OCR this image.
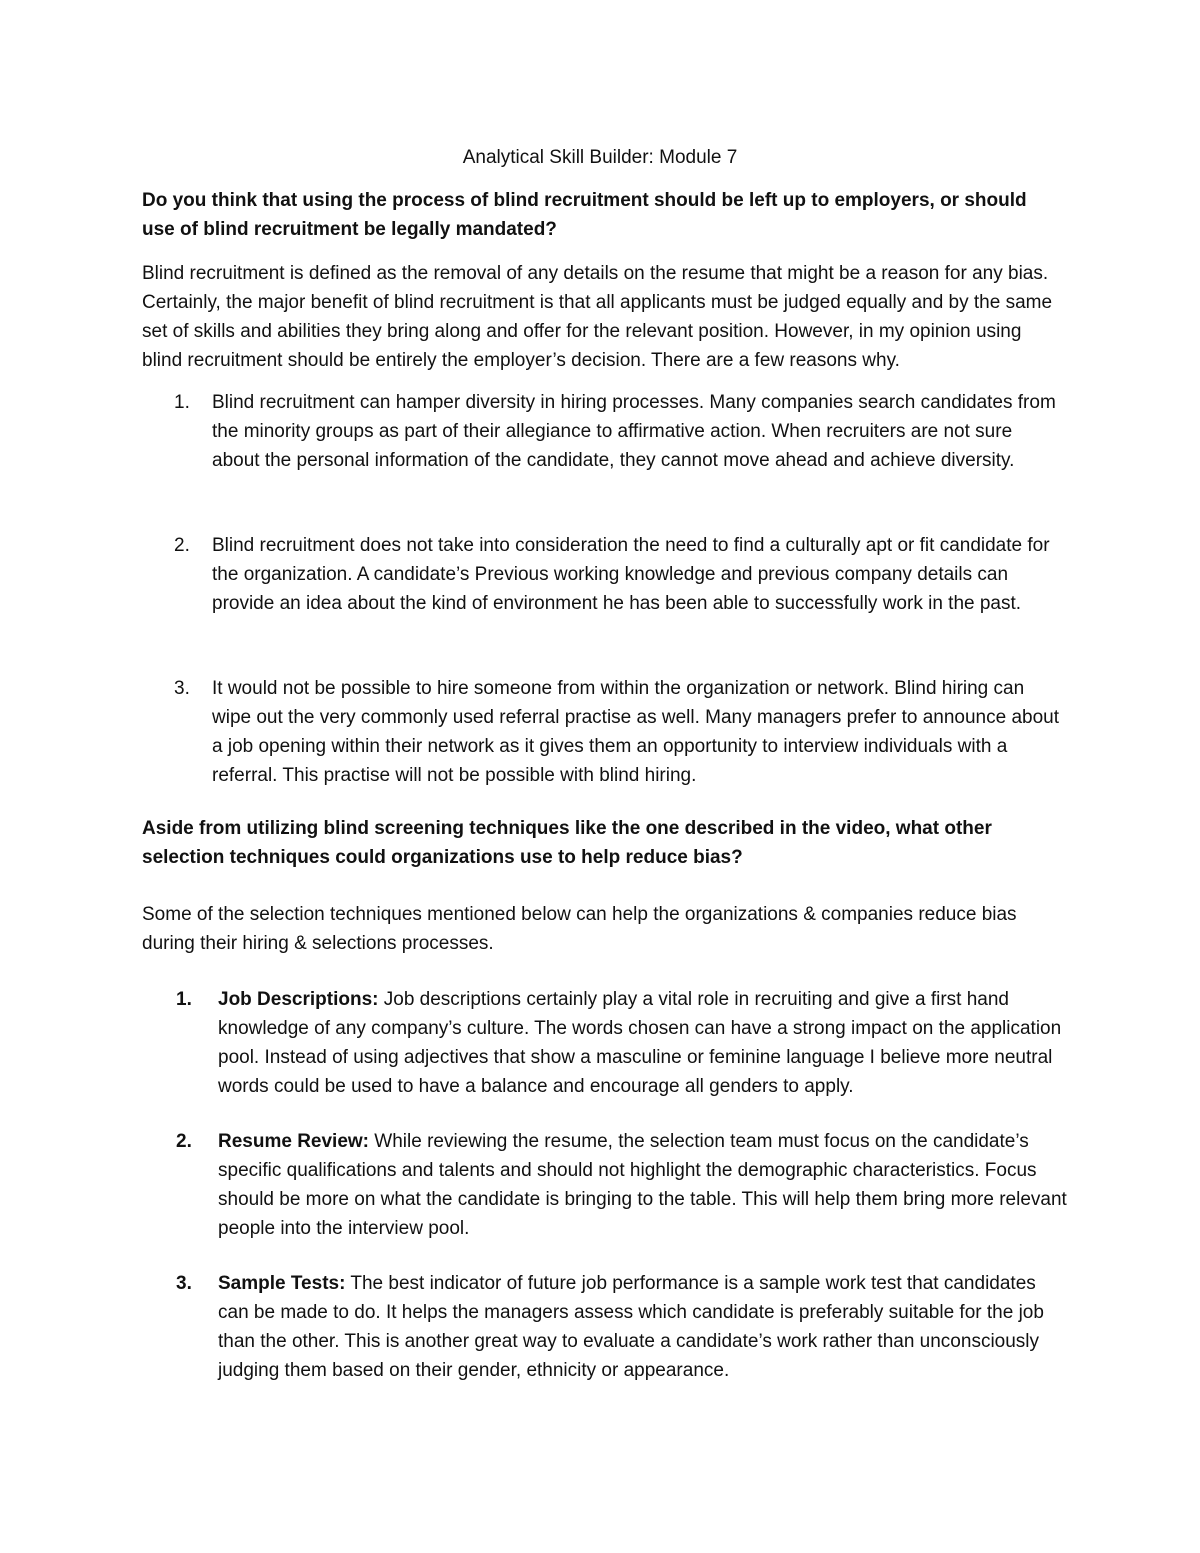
Analytical Skill Builder: Module 7

Do you think that using the process of blind recruitment should be left up to employers, or should use of blind recruitment be legally mandated?

Blind recruitment is defined as the removal of any details on the resume that might be a reason for any bias. Certainly, the major benefit of blind recruitment is that all applicants must be judged equally and by the same set of skills and abilities they bring along and offer for the relevant position. However, in my opinion using blind recruitment should be entirely the employer’s decision. There are a few reasons why.

1.	Blind recruitment can hamper diversity in hiring processes. Many companies search candidates from the minority groups as part of their allegiance to affirmative action. When recruiters are not sure about the personal information of the candidate, they cannot move ahead and achieve diversity.
2.	Blind recruitment does not take into consideration the need to find a culturally apt or fit candidate for the organization. A candidate’s Previous working knowledge and previous company details can provide an idea about the kind of environment he has been able to successfully work in the past.
3.	It would not be possible to hire someone from within the organization or network. Blind hiring can wipe out the very commonly used referral practise as well. Many managers prefer to announce about a job opening within their network as it gives them an opportunity to interview individuals with a referral. This practise will not be possible with blind hiring.

Aside from utilizing blind screening techniques like the one described in the video, what other selection techniques could organizations use to help reduce bias?

Some of the selection techniques mentioned below can help the organizations & companies reduce bias during their hiring & selections processes.

1.	Job Descriptions: Job descriptions certainly play a vital role in recruiting and give a first hand knowledge of any company’s culture. The words chosen can have a strong impact on the application pool. Instead of using adjectives that show a masculine or feminine language I believe more neutral words could be used to have a balance and encourage all genders to apply.
2.	Resume Review: While reviewing the resume, the selection team must focus on the candidate’s specific qualifications and talents and should not highlight the demographic characteristics. Focus should be more on what the candidate is bringing to the table. This will help them bring more relevant people into the interview pool.
3.	Sample Tests: The best indicator of future job performance is a sample work test that candidates can be made to do. It helps the managers assess which candidate is preferably suitable for the job than the other. This is another great way to evaluate a candidate’s work rather than unconsciously judging them based on their gender, ethnicity or appearance.
